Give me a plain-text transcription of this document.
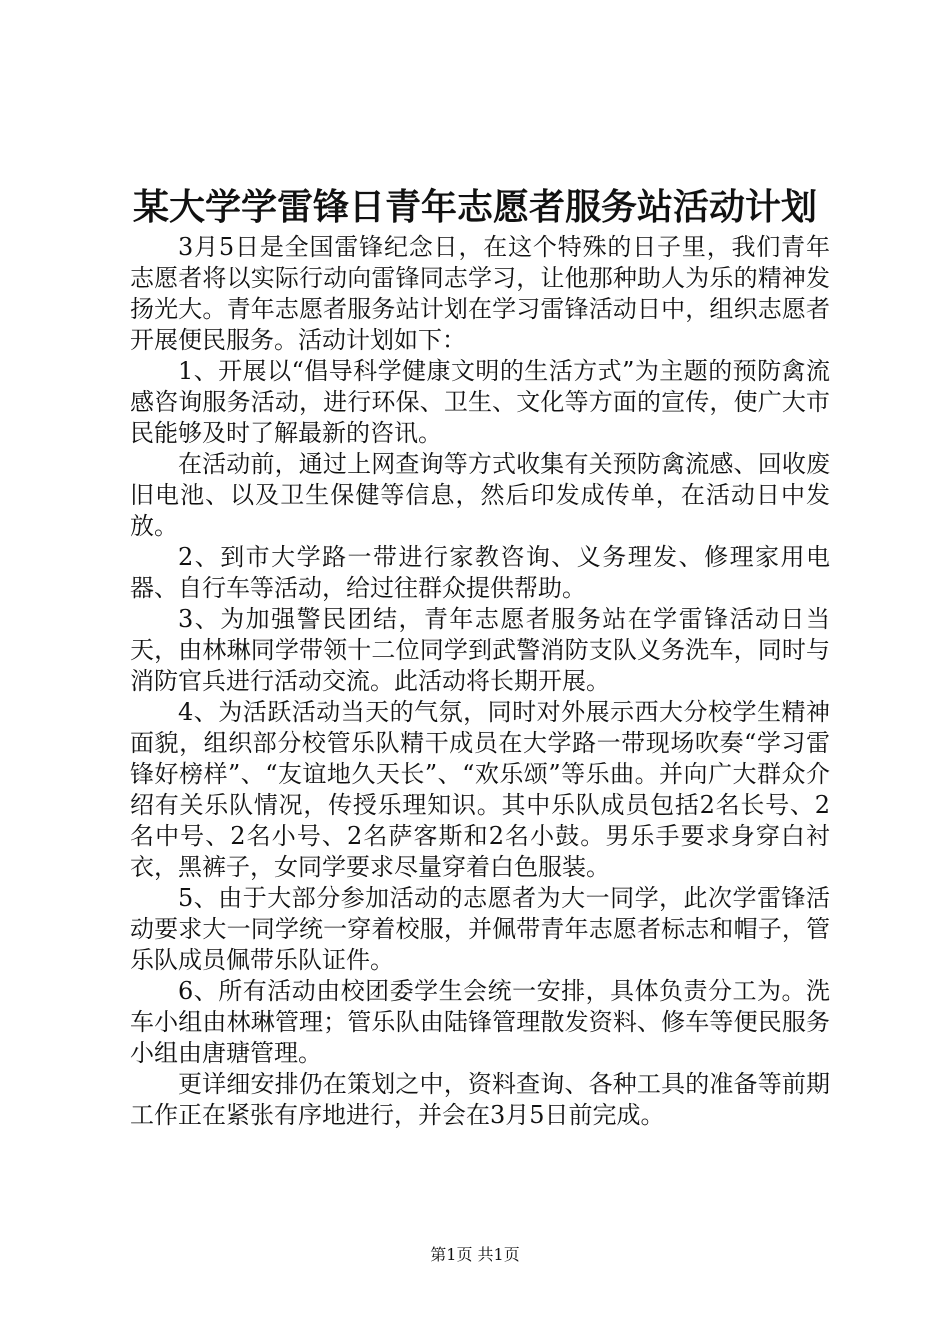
某大学学雷锋日青年志愿者服务站活动计划

3月5日是全国雷锋纪念日，在这个特殊的日子里，我们青年志愿者将以实际行动向雷锋同志学习，让他那种助人为乐的精神发扬光大。青年志愿者服务站计划在学习雷锋活动日中，组织志愿者开展便民服务。活动计划如下：

1、开展以“倡导科学健康文明的生活方式”为主题的预防禽流感咨询服务活动，进行环保、卫生、文化等方面的宣传，使广大市民能够及时了解最新的咨讯。

在活动前，通过上网查询等方式收集有关预防禽流感、回收废旧电池、以及卫生保健等信息，然后印发成传单，在活动日中发放。

2、到市大学路一带进行家教咨询、义务理发、修理家用电器、自行车等活动，给过往群众提供帮助。

3、为加强警民团结，青年志愿者服务站在学雷锋活动日当天，由林琳同学带领十二位同学到武警消防支队义务洗车，同时与消防官兵进行活动交流。此活动将长期开展。

4、为活跃活动当天的气氛，同时对外展示西大分校学生精神面貌，组织部分校管乐队精干成员在大学路一带现场吹奏“学习雷锋好榜样”、“友谊地久天长”、“欢乐颂”等乐曲。并向广大群众介绍有关乐队情况，传授乐理知识。其中乐队成员包括2名长号、2名中号、2名小号、2名萨客斯和2名小鼓。男乐手要求身穿白衬衣，黑裤子，女同学要求尽量穿着白色服装。

5、由于大部分参加活动的志愿者为大一同学，此次学雷锋活动要求大一同学统一穿着校服，并佩带青年志愿者标志和帽子，管乐队成员佩带乐队证件。

6、所有活动由校团委学生会统一安排，具体负责分工为。洗车小组由林琳管理；管乐队由陆锋管理散发资料、修车等便民服务小组由唐瑭管理。

更详细安排仍在策划之中，资料查询、各种工具的准备等前期工作正在紧张有序地进行，并会在3月5日前完成。

第1页 共1页
